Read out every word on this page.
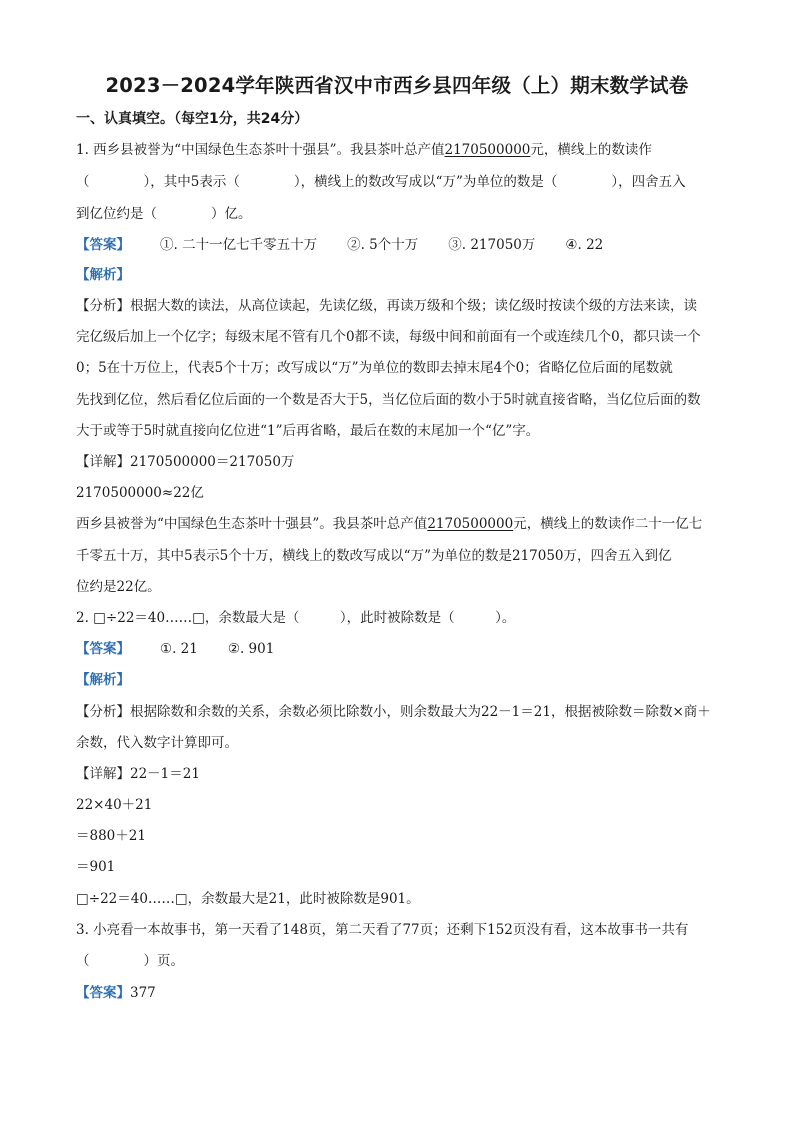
2023－2024学年陕西省汉中市西乡县四年级（上）期末数学试卷
一、认真填空。（每空1分，共24分）
1. 西乡县被誉为“中国绿色生态茶叶十强县”。我县茶叶总产值2170500000元，横线上的数读作
（　　　　），其中5表示（　　　　），横线上的数改写成以“万”为单位的数是（　　　　），四舍五入
到亿位约是（　　　　）亿。
【答案】 ①. 二十一亿七千零五十万 ②. 5个十万 ③. 217050万 ④. 22
【解析】
【分析】根据大数的读法，从高位读起，先读亿级，再读万级和个级；读亿级时按读个级的方法来读，读
完亿级后加上一个亿字；每级末尾不管有几个0都不读，每级中间和前面有一个或连续几个0，都只读一个
0；5在十万位上，代表5个十万；改写成以“万”为单位的数即去掉末尾4个0；省略亿位后面的尾数就
先找到亿位，然后看亿位后面的一个数是否大于5，当亿位后面的数小于5时就直接省略，当亿位后面的数
大于或等于5时就直接向亿位进“1”后再省略，最后在数的末尾加一个“亿”字。
【详解】2170500000＝217050万
2170500000≈22亿
西乡县被誉为“中国绿色生态茶叶十强县”。我县茶叶总产值2170500000元，横线上的数读作二十一亿七
千零五十万，其中5表示5个十万，横线上的数改写成以“万”为单位的数是217050万，四舍五入到亿
位约是22亿。
2. □÷22＝40……□，余数最大是（　　　），此时被除数是（　　　）。
【答案】 ①. 21 ②. 901
【解析】
【分析】根据除数和余数的关系，余数必须比除数小，则余数最大为22－1＝21，根据被除数＝除数×商＋
余数，代入数字计算即可。
【详解】22－1＝21
22×40＋21
＝880＋21
＝901
□÷22＝40……□，余数最大是21，此时被除数是901。
3. 小亮看一本故事书，第一天看了148页，第二天看了77页；还剩下152页没有看，这本故事书一共有
（　　　　）页。
【答案】377
